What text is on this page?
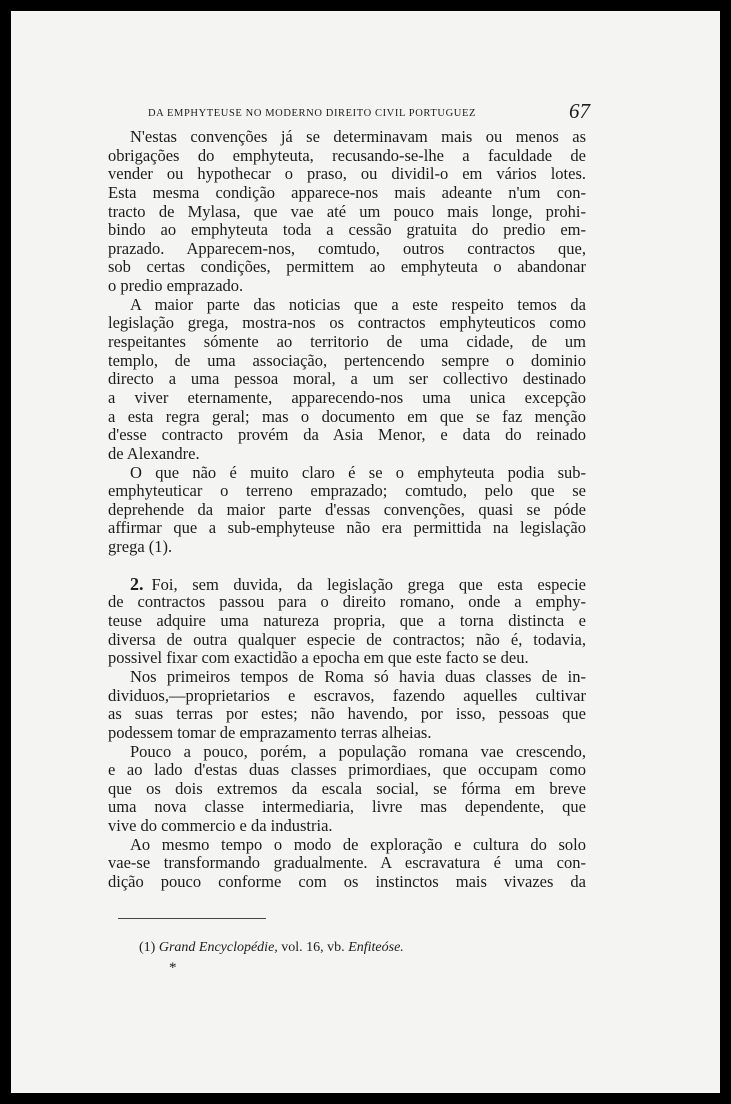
DA EMPHYTEUSE NO MODERNO DIREITO CIVIL PORTUGUEZ	67
N'estas convenções já se determinavam mais ou menos as
obrigações do emphyteuta, recusando-se-lhe a faculdade de
vender ou hypothecar o praso, ou dividil-o em vários lotes.
Esta mesma condição apparece-nos mais adeante n'um con-
tracto de Mylasa, que vae até um pouco mais longe, prohi-
bindo ao emphyteuta toda a cessão gratuita do predio em-
prazado. Apparecem-nos, comtudo, outros contractos que,
sob certas condições, permittem ao emphyteuta o abandonar
o predio emprazado.
A maior parte das noticias que a este respeito temos da
legislação grega, mostra-nos os contractos emphyteuticos como
respeitantes sómente ao territorio de uma cidade, de um
templo, de uma associação, pertencendo sempre o dominio
directo a uma pessoa moral, a um ser collectivo destinado
a viver eternamente, apparecendo-nos uma unica excepção
a esta regra geral; mas o documento em que se faz menção
d'esse contracto provém da Asia Menor, e data do reinado
de Alexandre.
O que não é muito claro é se o emphyteuta podia sub-
emphyteuticar o terreno emprazado; comtudo, pelo que se
deprehende da maior parte d'essas convenções, quasi se póde
affirmar que a sub-emphyteuse não era permittida na legislação
grega (1).
2. Foi, sem duvida, da legislação grega que esta especie
de contractos passou para o direito romano, onde a emphy-
teuse adquire uma natureza propria, que a torna distincta e
diversa de outra qualquer especie de contractos; não é, todavia,
possivel fixar com exactidão a epocha em que este facto se deu.
Nos primeiros tempos de Roma só havia duas classes de in-
dividuos,—proprietarios e escravos, fazendo aquelles cultivar
as suas terras por estes; não havendo, por isso, pessoas que
podessem tomar de emprazamento terras alheias.
Pouco a pouco, porém, a população romana vae crescendo,
e ao lado d'estas duas classes primordiaes, que occupam como
que os dois extremos da escala social, se fórma em breve
uma nova classe intermediaria, livre mas dependente, que
vive do commercio e da industria.
Ao mesmo tempo o modo de exploração e cultura do solo
vae-se transformando gradualmente. A escravatura é uma con-
dição pouco conforme com os instinctos mais vivazes da
(1) Grand Encyclopédie, vol. 16, vb. Enfiteóse.
*
